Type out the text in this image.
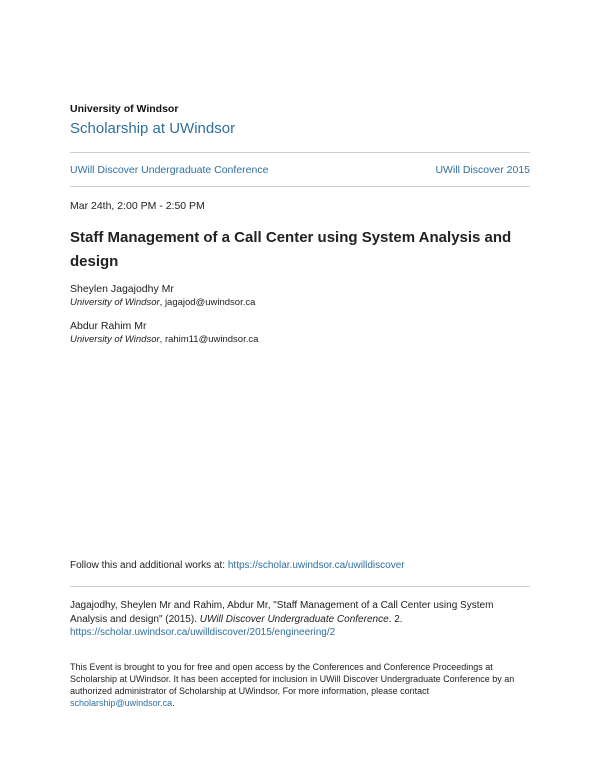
University of Windsor
Scholarship at UWindsor
UWill Discover Undergraduate Conference	UWill Discover 2015
Mar 24th, 2:00 PM - 2:50 PM
Staff Management of a Call Center using System Analysis and design
Sheylen Jagajodhy Mr
University of Windsor, jagajod@uwindsor.ca
Abdur Rahim Mr
University of Windsor, rahim11@uwindsor.ca
Follow this and additional works at: https://scholar.uwindsor.ca/uwilldiscover
Jagajodhy, Sheylen Mr and Rahim, Abdur Mr, "Staff Management of a Call Center using System Analysis and design" (2015). UWill Discover Undergraduate Conference. 2.
https://scholar.uwindsor.ca/uwilldiscover/2015/engineering/2
This Event is brought to you for free and open access by the Conferences and Conference Proceedings at Scholarship at UWindsor. It has been accepted for inclusion in UWill Discover Undergraduate Conference by an authorized administrator of Scholarship at UWindsor. For more information, please contact
scholarship@uwindsor.ca.
